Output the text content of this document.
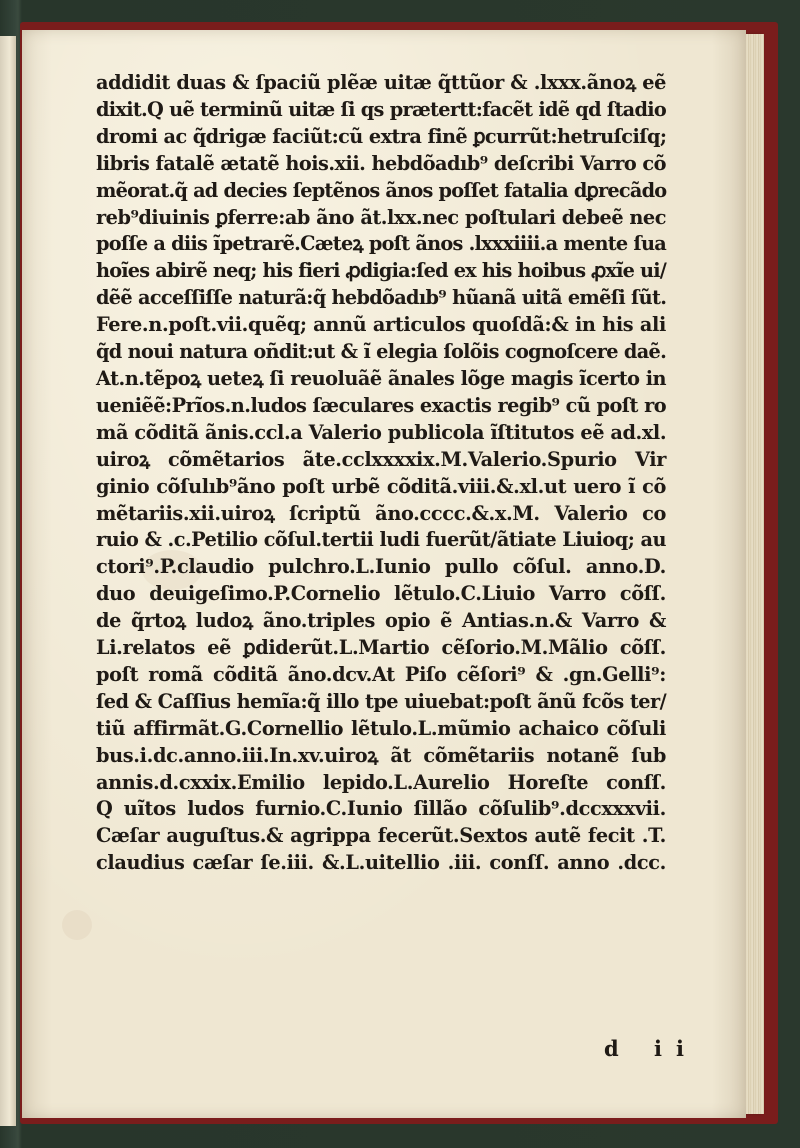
addidit duas & ſpaciũ plẽæ uitæ q̃ttũor & .lxxx.ãnoꝝ eẽ
dixit.Q uẽ terminũ uitæ ſi qs prætertt:facẽt idẽ qd ſtadio
dromi ac q̃drigæ faciũt:cũ extra finẽ ꝑcurrũt:hetruſciſq;
libris fatalẽ ætatẽ hois.xii. hebdõadıb⁹ deſcribi Varro cõ
mẽorat.q̃ ad decies ſeptẽnos ãnos poſſet fatalia dꝑrecãdo
reb⁹diuinis ꝑferre:ab ãno ãt.lxx.nec poſtulari debeẽ nec
poſſe a diis ĩpetrarẽ.Cæteꝝ poſt ãnos .lxxxiiii.a mente ſua
hoĩes abirẽ neq; his fieri ꝓdigia:ſed ex his hoibus ꝓxĩe ui/
dẽẽ acceſſiſſe naturã:q̃ hebdõadıb⁹ hũanã uitã emẽſi ſũt.
Fere.n.poſt.vii.quẽq; annũ articulos quoſdã:& in his ali
q̃d noui natura oñdit:ut & ĩ elegia ſolõis cognoſcere daẽ.
At.n.tẽpoꝝ ueteꝝ ſi reuoluãẽ ãnales lõge magis ĩcerto in
ueniẽẽ:Prĩos.n.ludos ſæculares exactis regib⁹ cũ poſt ro
mã cõditã ãnis.ccl.a Valerio publicola ĩſtitutos eẽ ad.xl.
uiroꝝ cõmẽtarios ãte.cclxxxxix.M.Valerio.Spurio Vir
ginio cõſulıb⁹ãno poſt urbẽ cõditã.viii.&.xl.ut uero ĩ cõ
mẽtariis.xii.uiroꝝ ſcriptũ ãno.cccc.&.x.M. Valerio co
ruio & .c.Petilio cõſul.tertii ludi fuerũt/ãtiate Liuioq; au
ctori⁹.P.claudio pulchro.L.Iunio pullo cõſul. anno.D.
duo deuigeſimo.P.Cornelio lẽtulo.C.Liuio Varro cõſſ.
de q̃rtoꝝ ludoꝝ ãno.triples opio ẽ Antias.n.& Varro &
Li.relatos eẽ ꝑdiderũt.L.Martio cẽſorio.M.Mãlio cõſſ.
poſt romã cõditã ãno.dcv.At Piſo cẽſori⁹ & .gn.Gelli⁹:
ſed & Caſſius hemĩa:q̃ illo tpe uiuebat:poſt ãnũ fcõs ter/
tiũ affirmãt.G.Cornellio lẽtulo.L.mũmio achaico cõſuli
bus.i.dc.anno.iii.In.xv.uiroꝝ ãt cõmẽtariis notanẽ ſub
annis.d.cxxix.Emilio lepido.L.Aurelio Horeſte conſſ.
Q uĩtos ludos furnio.C.Iunio ſillão cõſulib⁹.dccxxxvii.
Cæſar auguſtus.& agrippa fecerũt.Sextos autẽ fecit .T.
claudius cæſar ſe.iii. &.L.uitellio .iii. conſſ. anno .dcc.
d ii
